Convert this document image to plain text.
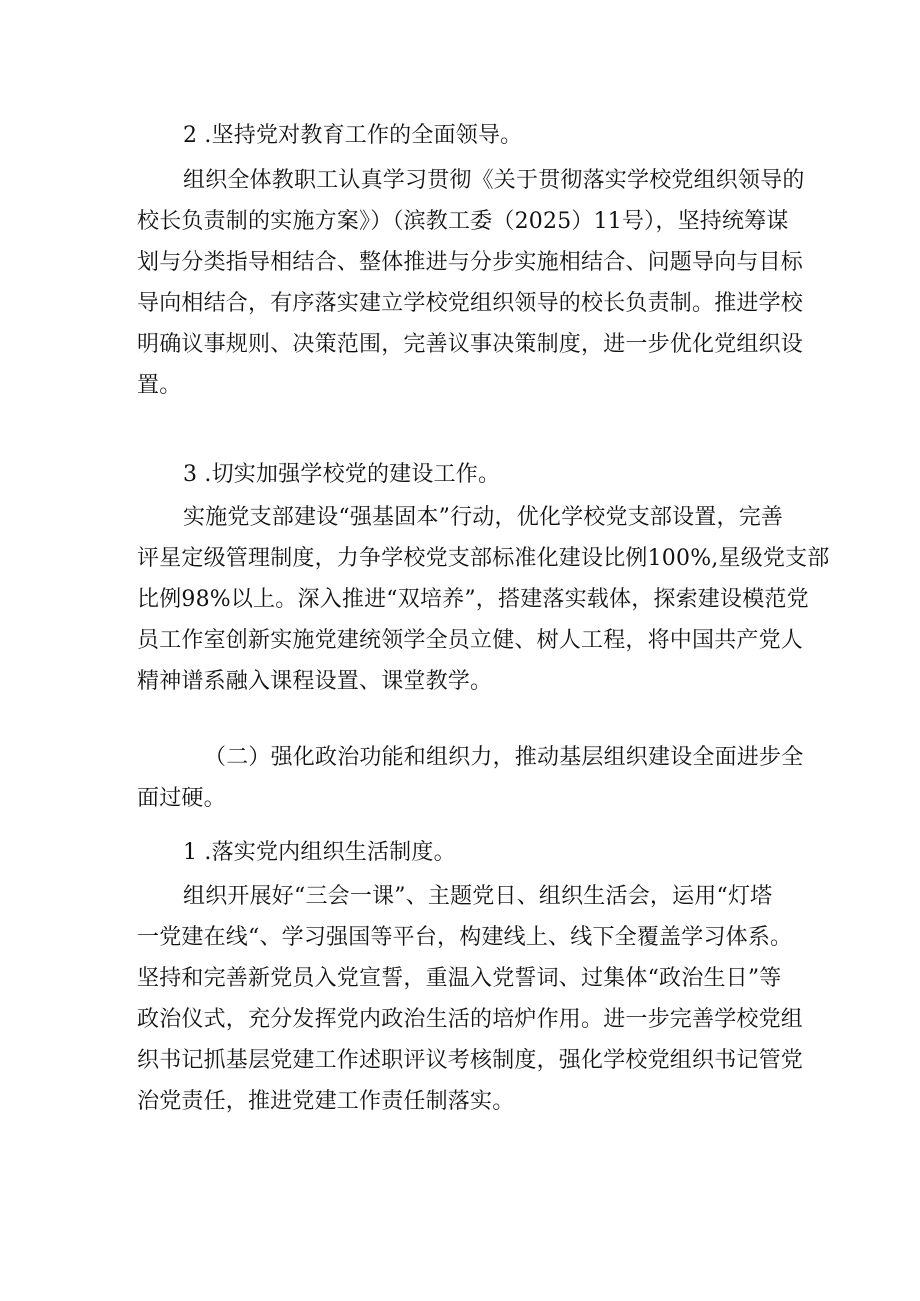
2 .坚持党对教育工作的全面领导。
组织全体教职工认真学习贯彻《关于贯彻落实学校党组织领导的
校长负责制的实施方案》）（滨教工委（2025）11号），坚持统筹谋
划与分类指导相结合、整体推进与分步实施相结合、问题导向与目标
导向相结合，有序落实建立学校党组织领导的校长负责制。推进学校
明确议事规则、决策范围，完善议事决策制度，进一步优化党组织设
置。
3 .切实加强学校党的建设工作。
实施党支部建设“强基固本”行动，优化学校党支部设置，完善
评星定级管理制度，力争学校党支部标准化建设比例100%,星级党支部
比例98%以上。深入推进“双培养”，搭建落实载体，探索建设模范党
员工作室创新实施党建统领学全员立健、树人工程，将中国共产党人
精神谱系融入课程设置、课堂教学。
（二）强化政治功能和组织力，推动基层组织建设全面进步全
面过硬。
1 .落实党内组织生活制度。
组织开展好“三会一课”、主题党日、组织生活会，运用“灯塔
一党建在线“、学习强国等平台，构建线上、线下全覆盖学习体系。
坚持和完善新党员入党宣誓，重温入党誓词、过集体“政治生日”等
政治仪式，充分发挥党内政治生活的培炉作用。进一步完善学校党组
织书记抓基层党建工作述职评议考核制度，强化学校党组织书记管党
治党责任，推进党建工作责任制落实。
